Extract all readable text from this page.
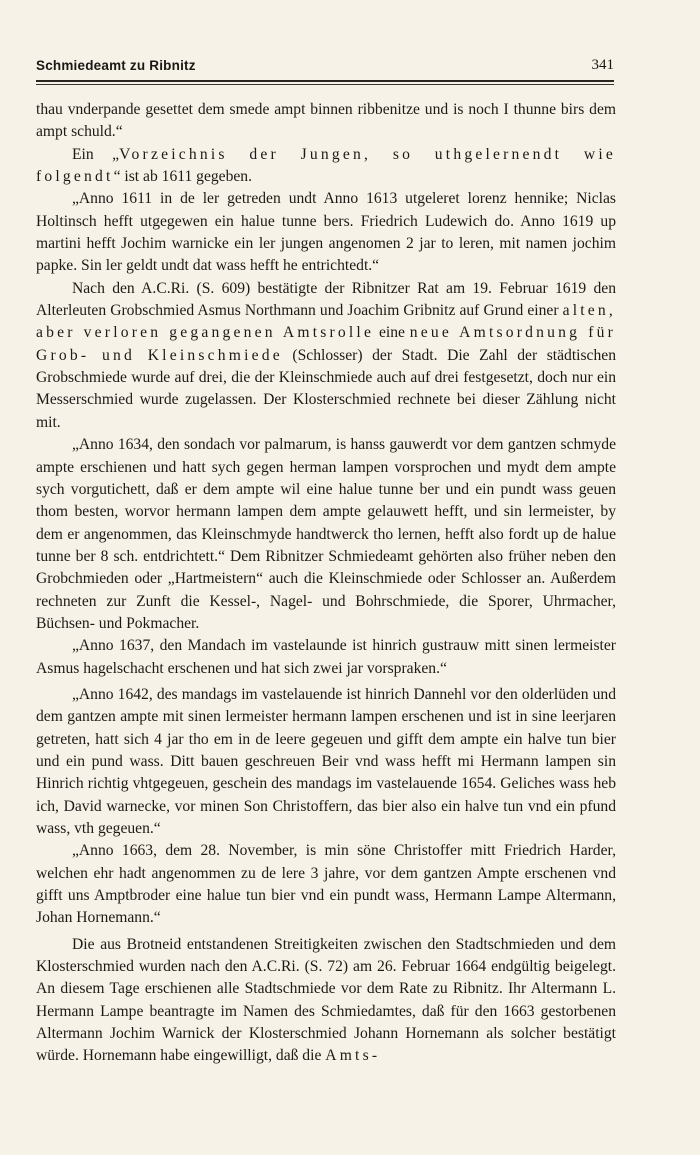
Schmiedeamt zu Ribnitz	341

thau vnderpande gesettet dem smede ampt binnen ribbenitze und is noch I thunne birs dem ampt schuld.“

Ein „Vorzeichnis der Jungen, so uthgelernendt wie folgendt“ ist ab 1611 gegeben.

„Anno 1611 in de ler getreden undt Anno 1613 utgeleret lorenz hennike; Niclas Holtinsch hefft utgegewen ein halue tunne bers. Friedrich Ludewich do. Anno 1619 up martini hefft Jochim warnicke ein ler jungen angenomen 2 jar to leren, mit namen jochim papke. Sin ler geldt undt dat wass hefft he entrichtedt.“

Nach den A.C.Ri. (S. 609) bestätigte der Ribnitzer Rat am 19. Februar 1619 den Alterleuten Grobschmied Asmus Northmann und Joachim Gribnitz auf Grund einer alten, aber verloren gegangenen Amtsrolle eine neue Amtsordnung für Grob- und Kleinschmiede (Schlosser) der Stadt. Die Zahl der städtischen Grobschmiede wurde auf drei, die der Kleinschmiede auch auf drei festgesetzt, doch nur ein Messerschmied wurde zugelassen. Der Klosterschmied rechnete bei dieser Zählung nicht mit.

„Anno 1634, den sondach vor palmarum, is hanss gauwerdt vor dem gantzen schmyde ampte erschienen und hatt sych gegen herman lampen vorsprochen und mydt dem ampte sych vorgutichett, daß er dem ampte wil eine halue tunne ber und ein pundt wass geuen thom besten, worvor hermann lampen dem ampte gelauwett hefft, und sin lermeister, by dem er angenommen, das Kleinschmyde handtwerck tho lernen, hefft also fordt up de halue tunne ber 8 sch. entdrichtett.“ Dem Ribnitzer Schmiedeamt gehörten also früher neben den Grobchmieden oder „Hartmeistern“ auch die Kleinschmiede oder Schlosser an. Außerdem rechneten zur Zunft die Kessel-, Nagel- und Bohrschmiede, die Sporer, Uhrmacher, Büchsen- und Pokmacher.

„Anno 1637, den Mandach im vastelaunde ist hinrich gustrauw mitt sinen lermeister Asmus hagelschacht erschenen und hat sich zwei jar vorspraken.“

„Anno 1642, des mandags im vastelauende ist hinrich Dannehl vor den olderlüden und dem gantzen ampte mit sinen lermeister hermann lampen erschenen und ist in sine leerjaren getreten, hatt sich 4 jar tho em in de leere gegeuen und gifft dem ampte ein halve tun bier und ein pund wass. Ditt bauen geschreuen Beir vnd wass hefft mi Hermann lampen sin Hinrich richtig vhtgegeuen, geschein des mandags im vastelauende 1654. Geliches wass heb ich, David warnecke, vor minen Son Christoffern, das bier also ein halve tun vnd ein pfund wass, vth gegeuen.“

„Anno 1663, dem 28. November, is min söne Christoffer mitt Friedrich Harder, welchen ehr hadt angenommen zu de lere 3 jahre, vor dem gantzen Ampte erschenen vnd gifft uns Amptbroder eine halue tun bier vnd ein pundt wass, Hermann Lampe Altermann, Johan Hornemann.“

Die aus Brotneid entstandenen Streitigkeiten zwischen den Stadtschmieden und dem Klosterschmied wurden nach den A.C.Ri. (S. 72) am 26. Februar 1664 endgültig beigelegt. An diesem Tage erschienen alle Stadtschmiede vor dem Rate zu Ribnitz. Ihr Altermann L. Hermann Lampe beantragte im Namen des Schmiedamtes, daß für den 1663 gestorbenen Altermann Jochim Warnick der Klosterschmied Johann Hornemann als solcher bestätigt würde. Hornemann habe eingewilligt, daß die Amts-
